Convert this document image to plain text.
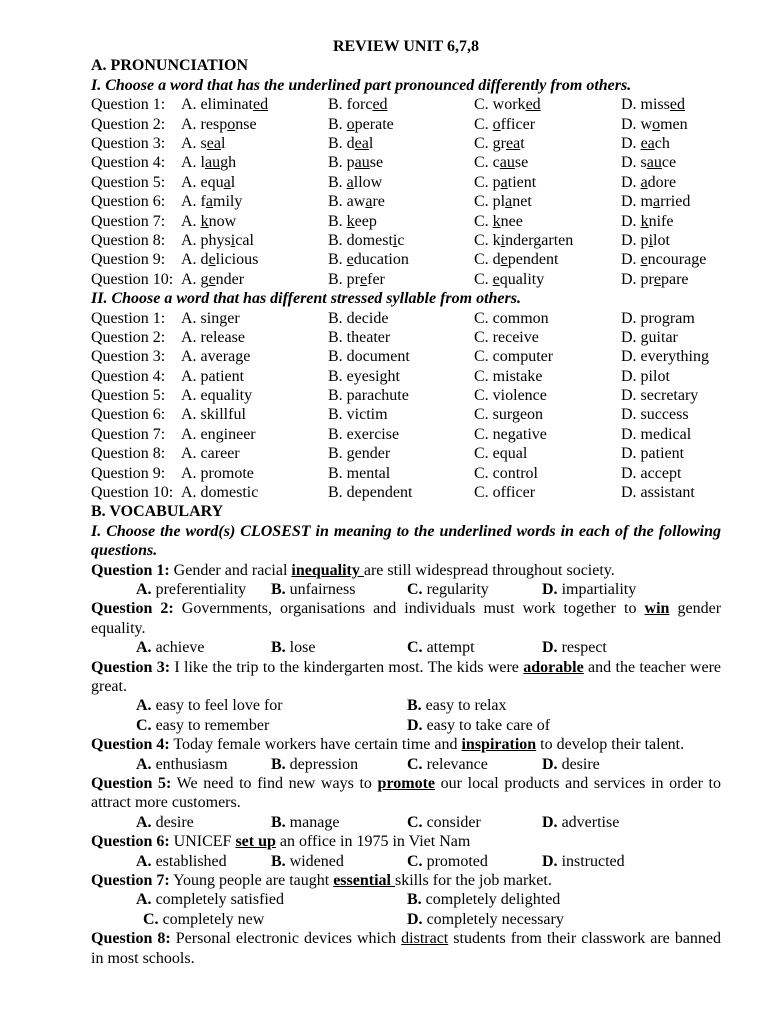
REVIEW UNIT 6,7,8
A. PRONUNCIATION
I. Choose a word that has the underlined part pronounced differently from others.
Question 1: A. eliminated	B. forced	C. worked	D. missed
Question 2: A. response	B. operate	C. officer	D. women
Question 3: A. seal	B. deal	C. great	D. each
Question 4: A. laugh	B. pause	C. cause	D. sauce
Question 5: A. equal	B. allow	C. patient	D. adore
Question 6: A. family	B. aware	C. planet	D. married
Question 7: A. know	B. keep	C. knee	D. knife
Question 8: A. physical	B. domestic	C. kindergarten	D. pilot
Question 9: A. delicious	B. education	C. dependent	D. encourage
Question 10: A. gender	B. prefer	C. equality	D. prepare
II. Choose a word that has different stressed syllable from others.
Question 1: A. singer	B. decide	C. common	D. program
Question 2: A. release	B. theater	C. receive	D. guitar
Question 3: A. average	B. document	C. computer	D. everything
Question 4: A. patient	B. eyesight	C. mistake	D. pilot
Question 5: A. equality	B. parachute	C. violence	D. secretary
Question 6: A. skillful	B. victim	C. surgeon	D. success
Question 7: A. engineer	B. exercise	C. negative	D. medical
Question 8: A. career	B. gender	C. equal	D. patient
Question 9: A. promote	B. mental	C. control	D. accept
Question 10: A. domestic	B. dependent	C. officer	D. assistant
B. VOCABULARY
I. Choose the word(s) CLOSEST in meaning to the underlined words in each of the following questions.
Question 1: Gender and racial inequality are still widespread throughout society.
A. preferentiality B. unfairness	C. regularity	D. impartiality
Question 2: Governments, organisations and individuals must work together to win gender equality.
A. achieve	B. lose	C. attempt	D. respect
Question 3: I like the trip to the kindergarten most. The kids were adorable and the teacher were great.
A. easy to feel love for	B. easy to relax
C. easy to remember	D. easy to take care of
Question 4: Today female workers have certain time and inspiration to develop their talent.
A. enthusiasm	B. depression	C. relevance	D. desire
Question 5: We need to find new ways to promote our local products and services in order to attract more customers.
A. desire	B. manage	C. consider	D. advertise
Question 6: UNICEF set up an office in 1975 in Viet Nam
A. established	B. widened	C. promoted	D. instructed
Question 7: Young people are taught essential skills for the job market.
A. completely satisfied	B. completely delighted
C. completely new	D. completely necessary
Question 8: Personal electronic devices which distract students from their classwork are banned in most schools.
